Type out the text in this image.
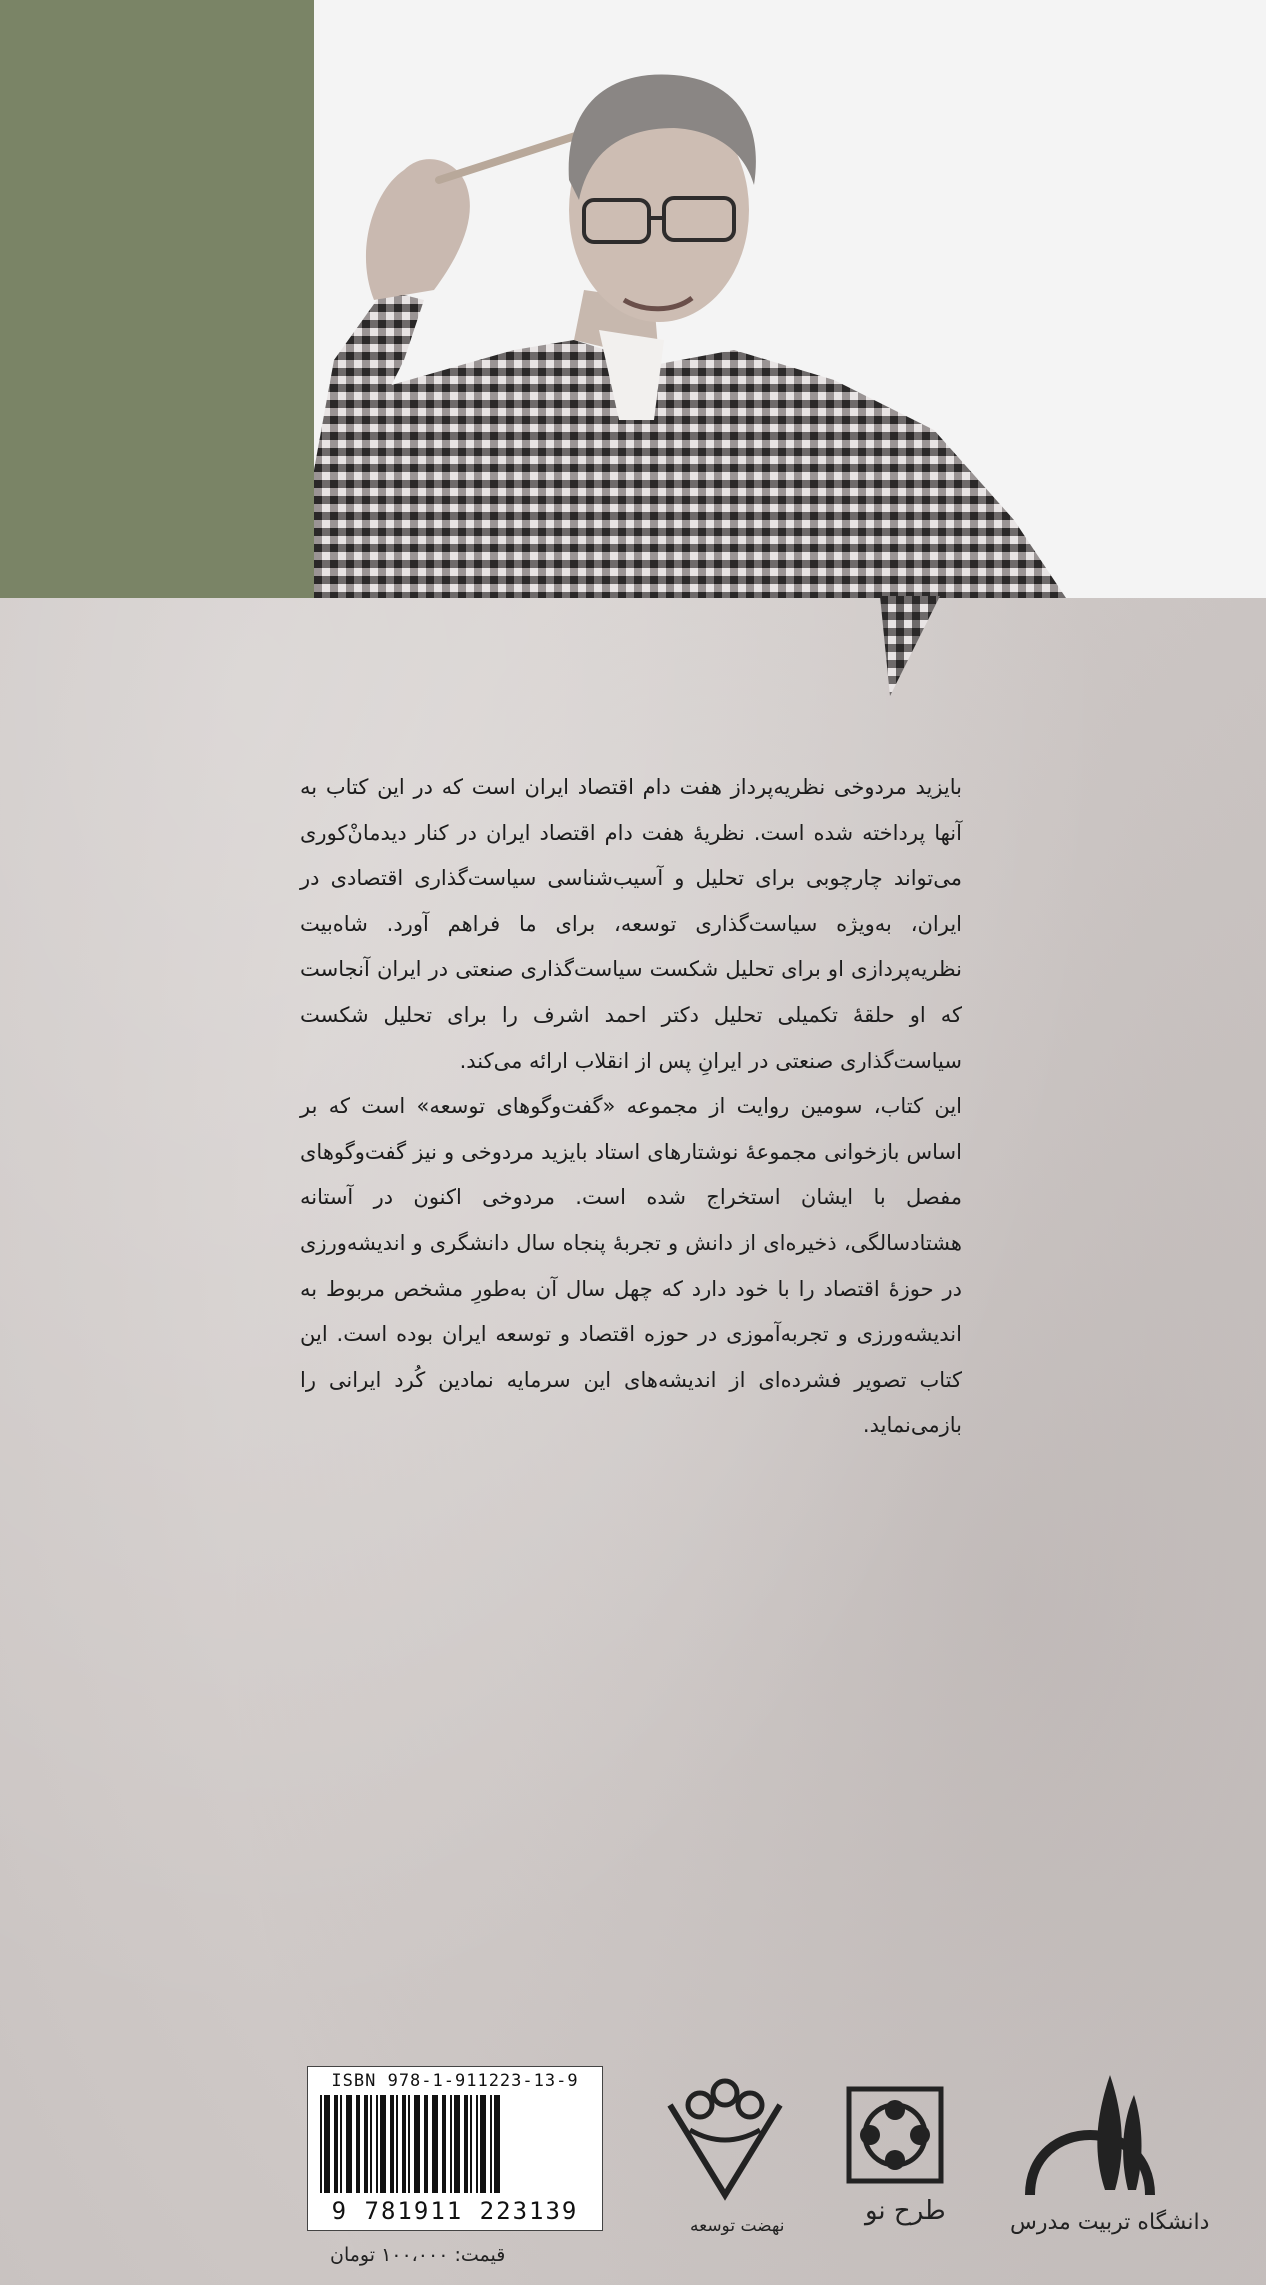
بایزید مردوخی نظریه‌پرداز هفت دام اقتصاد ایران است که در این کتاب به آنها پرداخته شده است. نظریهٔ هفت دام اقتصاد ایران در کنار دیدمانْ‌کوری می‌تواند چارچوبی برای تحلیل و آسیب‌شناسی سیاست‌گذاری اقتصادی در ایران، به‌ویژه سیاست‌گذاری توسعه، برای ما فراهم آورد. شاه‌بیت نظریه‌پردازی او برای تحلیل شکست سیاست‌گذاری صنعتی در ایران آنجاست که او حلقهٔ تکمیلی تحلیل دکتر احمد اشرف را برای تحلیل شکست سیاست‌گذاری صنعتی در ایرانِ پس از انقلاب ارائه می‌کند.

این کتاب، سومین روایت از مجموعه «گفت‌وگوهای توسعه» است که بر اساس بازخوانی مجموعهٔ نوشتارهای استاد بایزید مردوخی و نیز گفت‌وگوهای مفصل با ایشان استخراج شده است. مردوخی اکنون در آستانه هشتادسالگی، ذخیره‌ای از دانش و تجربهٔ پنجاه سال دانشگری و اندیشه‌ورزی در حوزهٔ اقتصاد را با خود دارد که چهل سال آن به‌طورِ مشخص مربوط به اندیشه‌ورزی و تجربه‌آموزی در حوزه اقتصاد و توسعه ایران بوده است. این کتاب تصویر فشرده‌ای از اندیشه‌های این سرمایه نمادین کُرد ایرانی را بازمی‌نماید.

ISBN 978-1-911223-13-9
9 781911 223139
قیمت: ۱۰۰،۰۰۰ تومان
نهضت توسعه	طرح نو	دانشگاه تربیت مدرس
